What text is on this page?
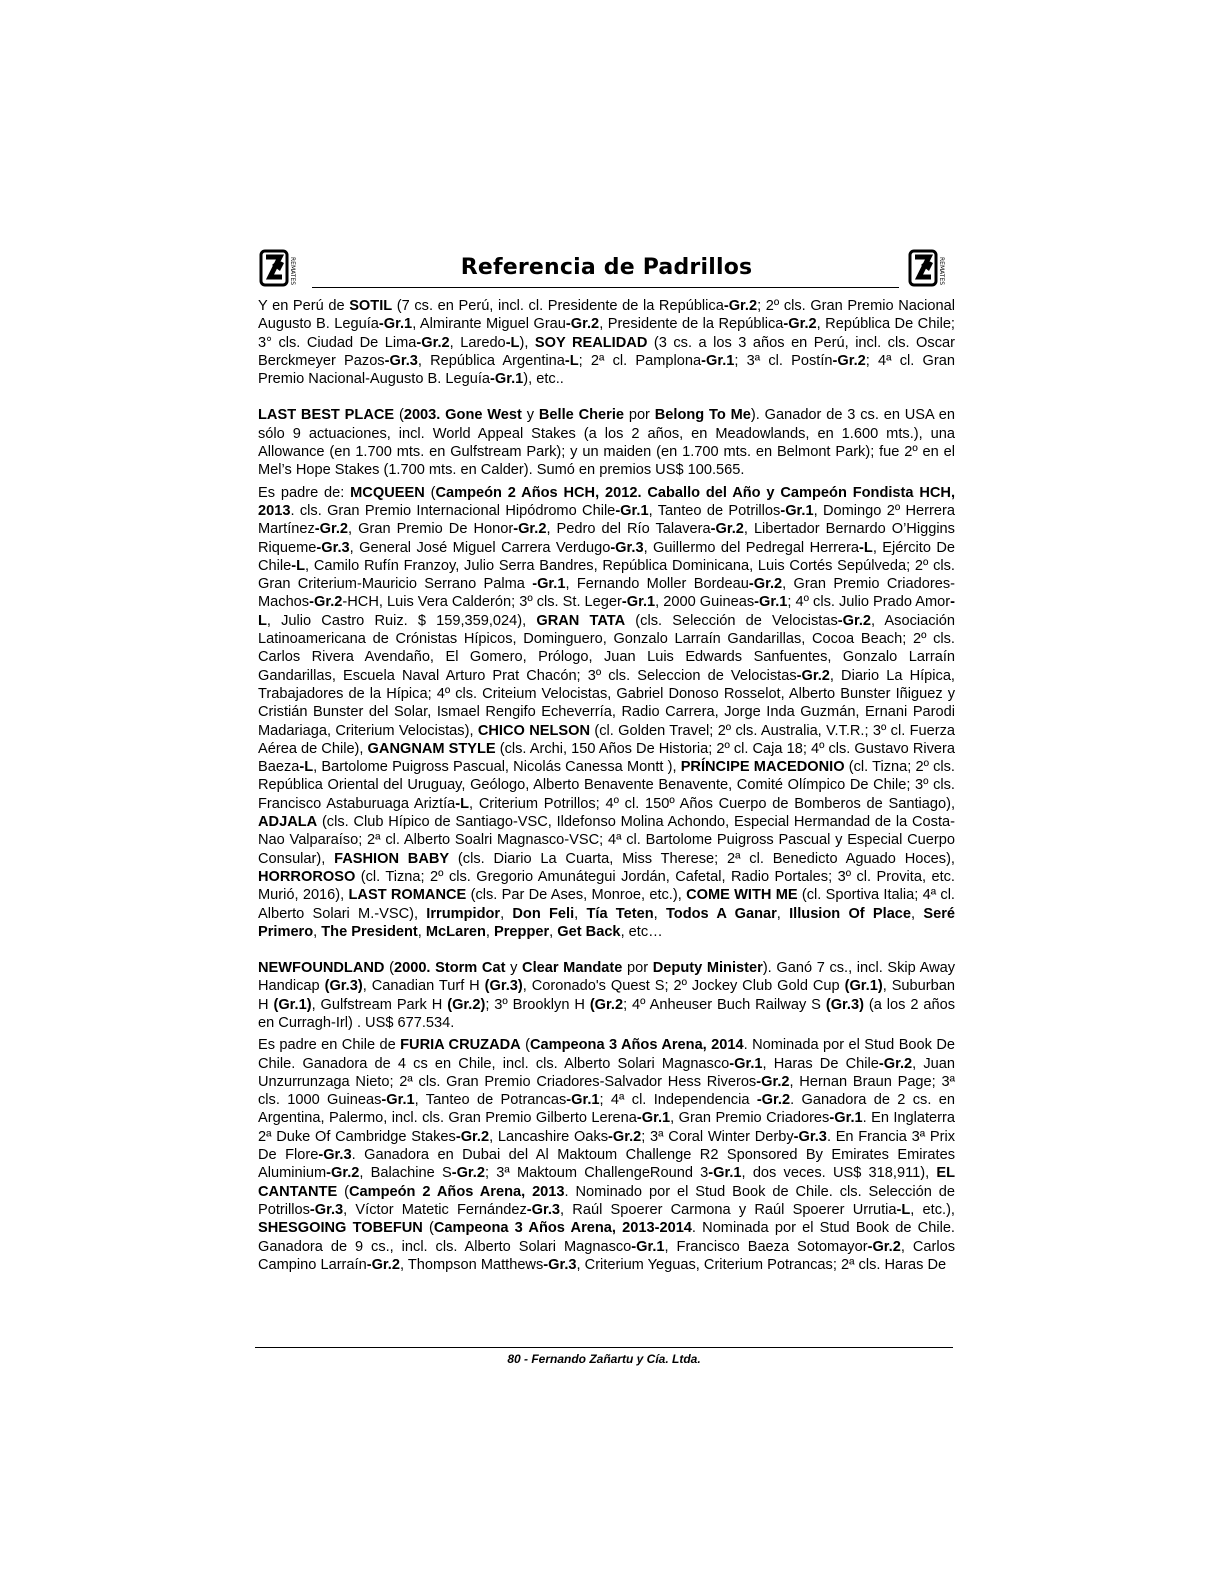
REMATES	Referencia de Padrillos	REMATES

Y en Perú de SOTIL (7 cs. en Perú, incl. cl. Presidente de la República-Gr.2; 2º cls. Gran Premio Nacional Augusto B. Leguía-Gr.1, Almirante Miguel Grau-Gr.2, Presidente de la República-Gr.2, República De Chile; 3° cls. Ciudad De Lima-Gr.2, Laredo-L), SOY REALIDAD (3 cs. a los 3 años en Perú, incl. cls. Oscar Berckmeyer Pazos-Gr.3, República Argentina-L; 2ª cl. Pamplona-Gr.1; 3ª cl. Postín-Gr.2; 4ª cl. Gran Premio Nacional-Augusto B. Leguía-Gr.1), etc..

LAST BEST PLACE (2003. Gone West y Belle Cherie por Belong To Me). Ganador de 3 cs. en USA en sólo 9 actuaciones, incl. World Appeal Stakes (a los 2 años, en Meadowlands, en 1.600 mts.), una Allowance (en 1.700 mts. en Gulfstream Park); y un maiden (en 1.700 mts. en Belmont Park); fue 2º en el Mel’s Hope Stakes (1.700 mts. en Calder). Sumó en premios US$ 100.565.

Es padre de: MCQUEEN (Campeón 2 Años HCH, 2012. Caballo del Año y Campeón Fondista HCH, 2013. cls. Gran Premio Internacional Hipódromo Chile-Gr.1, Tanteo de Potrillos-Gr.1, Domingo 2º Herrera Martínez-Gr.2, Gran Premio De Honor-Gr.2, Pedro del Río Talavera-Gr.2, Libertador Bernardo O’Higgins Riqueme-Gr.3, General José Miguel Carrera Verdugo-Gr.3, Guillermo del Pedregal Herrera-L, Ejército De Chile-L, Camilo Rufín Franzoy, Julio Serra Bandres, República Dominicana, Luis Cortés Sepúlveda; 2º cls. Gran Criterium-Mauricio Serrano Palma -Gr.1, Fernando Moller Bordeau-Gr.2, Gran Premio Criadores-Machos-Gr.2-HCH, Luis Vera Calderón; 3º cls. St. Leger-Gr.1, 2000 Guineas-Gr.1; 4º cls. Julio Prado Amor-L, Julio Castro Ruiz. $ 159,359,024), GRAN TATA (cls. Selección de Velocistas-Gr.2, Asociación Latinoamericana de Crónistas Hípicos, Dominguero, Gonzalo Larraín Gandarillas, Cocoa Beach; 2º cls. Carlos Rivera Avendaño, El Gomero, Prólogo, Juan Luis Edwards Sanfuentes, Gonzalo Larraín Gandarillas, Escuela Naval Arturo Prat Chacón; 3º cls. Seleccion de Velocistas-Gr.2, Diario La Hípica, Trabajadores de la Hípica; 4º cls. Criteium Velocistas, Gabriel Donoso Rosselot, Alberto Bunster Iñiguez y Cristián Bunster del Solar, Ismael Rengifo Echeverría, Radio Carrera, Jorge Inda Guzmán, Ernani Parodi Madariaga, Criterium Velocistas), CHICO NELSON (cl. Golden Travel; 2º cls. Australia, V.T.R.; 3º cl. Fuerza Aérea de Chile), GANGNAM STYLE (cls. Archi, 150 Años De Historia; 2º cl. Caja 18; 4º cls. Gustavo Rivera Baeza-L, Bartolome Puigross Pascual, Nicolás Canessa Montt ), PRÍNCIPE MACEDONIO (cl. Tizna; 2º cls. República Oriental del Uruguay, Geólogo, Alberto Benavente Benavente, Comité Olímpico De Chile; 3º cls. Francisco Astaburuaga Ariztía-L, Criterium Potrillos; 4º cl. 150º Años Cuerpo de Bomberos de Santiago), ADJALA (cls. Club Hípico de Santiago-VSC, Ildefonso Molina Achondo, Especial Hermandad de la Costa-Nao Valparaíso; 2ª cl. Alberto Soalri Magnasco-VSC; 4ª cl. Bartolome Puigross Pascual y Especial Cuerpo Consular), FASHION BABY (cls. Diario La Cuarta, Miss Therese; 2ª cl. Benedicto Aguado Hoces), HORROROSO (cl. Tizna; 2º cls. Gregorio Amunátegui Jordán, Cafetal, Radio Portales; 3º cl. Provita, etc. Murió, 2016), LAST ROMANCE (cls. Par De Ases, Monroe, etc.), COME WITH ME (cl. Sportiva Italia; 4ª cl. Alberto Solari M.-VSC), Irrumpidor, Don Feli, Tía Teten, Todos A Ganar, Illusion Of Place, Seré Primero, The President, McLaren, Prepper, Get Back, etc…

NEWFOUNDLAND (2000. Storm Cat y Clear Mandate por Deputy Minister). Ganó 7 cs., incl. Skip Away Handicap (Gr.3), Canadian Turf H (Gr.3), Coronado's Quest S; 2º Jockey Club Gold Cup (Gr.1), Suburban H (Gr.1), Gulfstream Park H (Gr.2); 3º Brooklyn H (Gr.2; 4º Anheuser Buch Railway S (Gr.3) (a los 2 años en Curragh-Irl) . US$ 677.534.

Es padre en Chile de FURIA CRUZADA (Campeona 3 Años Arena, 2014. Nominada por el Stud Book De Chile. Ganadora de 4 cs en Chile, incl. cls. Alberto Solari Magnasco-Gr.1, Haras De Chile-Gr.2, Juan Unzurrunzaga Nieto; 2ª cls. Gran Premio Criadores-Salvador Hess Riveros-Gr.2, Hernan Braun Page; 3ª cls. 1000 Guineas-Gr.1, Tanteo de Potrancas-Gr.1; 4ª cl. Independencia -Gr.2. Ganadora de 2 cs. en Argentina, Palermo, incl. cls. Gran Premio Gilberto Lerena-Gr.1, Gran Premio Criadores-Gr.1. En Inglaterra 2ª Duke Of Cambridge Stakes-Gr.2, Lancashire Oaks-Gr.2; 3ª Coral Winter Derby-Gr.3. En Francia 3ª Prix De Flore-Gr.3. Ganadora en Dubai del Al Maktoum Challenge R2 Sponsored By Emirates Emirates Aluminium-Gr.2, Balachine S-Gr.2; 3ª Maktoum ChallengeRound 3-Gr.1, dos veces. US$ 318,911), EL CANTANTE (Campeón 2 Años Arena, 2013. Nominado por el Stud Book de Chile. cls. Selección de Potrillos-Gr.3, Víctor Matetic Fernández-Gr.3, Raúl Spoerer Carmona y Raúl Spoerer Urrutia-L, etc.), SHESGOING TOBEFUN (Campeona 3 Años Arena, 2013-2014. Nominada por el Stud Book de Chile. Ganadora de 9 cs., incl. cls. Alberto Solari Magnasco-Gr.1, Francisco Baeza Sotomayor-Gr.2, Carlos Campino Larraín-Gr.2, Thompson Matthews-Gr.3, Criterium Yeguas, Criterium Potrancas; 2ª cls. Haras De

80 - Fernando Zañartu y Cía. Ltda.
